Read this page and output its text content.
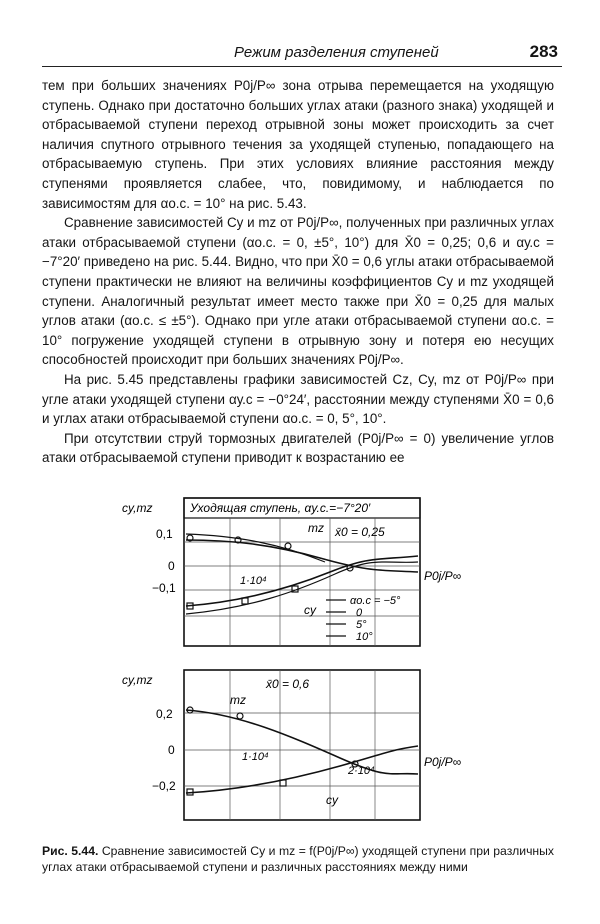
Режим разделения ступеней	283

тем при больших значениях P0j/P∞ зона отрыва перемещается на уходящую ступень. Однако при достаточно больших углах атаки (разного знака) уходящей и отбрасываемой ступени переход отрывной зоны может происходить за счет наличия спутного отрывного течения за уходящей ступенью, попадающего на отбрасываемую ступень. При этих условиях влияние расстояния между ступенями проявляется слабее, что, повидимому, и наблюдается по зависимостям для αо.с. = 10° на рис. 5.43.

Сравнение зависимостей Cy и mz от P0j/P∞, полученных при различных углах атаки отбрасываемой ступени (αо.с. = 0, ±5°, 10°) для X̄0 = 0,25; 0,6 и αу.с = −7°20′ приведено на рис. 5.44. Видно, что при X̄0 = 0,6 углы атаки отбрасываемой ступени практически не влияют на величины коэффициентов Cy и mz уходящей ступени. Аналогичный результат имеет место также при X̄0 = 0,25 для малых углов атаки (αо.с. ≤ ±5°). Однако при угле атаки отбрасываемой ступени αо.с. = 10° погружение уходящей ступени в отрывную зону и потеря ею несущих способностей происходит при больших значениях P0j/P∞.

На рис. 5.45 представлены графики зависимостей Cz, Cy, mz от P0j/P∞ при угле атаки уходящей ступени αу.с = −0°24′, расстоянии между ступенями X̄0 = 0,6 и углах атаки отбрасываемой ступени αо.с. = 0, 5°, 10°.

При отсутствии струй тормозных двигателей (P0j/P∞ = 0) увеличение углов атаки отбрасываемой ступени приводит к возрастанию ее

cy,mz	Уходящая ступень, αу.с.=−7°20′
0,1
0
−0,1
x̄0 = 0,25
mz
cy
1·10⁴	P0j/P∞
αо.с = −5°
0
5°
10°
cy,mz
0,2
0
−0,2
x̄0 = 0,6
mz
cy
1·10⁴
2·10⁴
P0j/P∞
Рис. 5.44. Сравнение зависимостей Cy и mz = f(P0j/P∞) уходящей ступени при различных углах атаки отбрасываемой ступени и различных расстояниях между ними
